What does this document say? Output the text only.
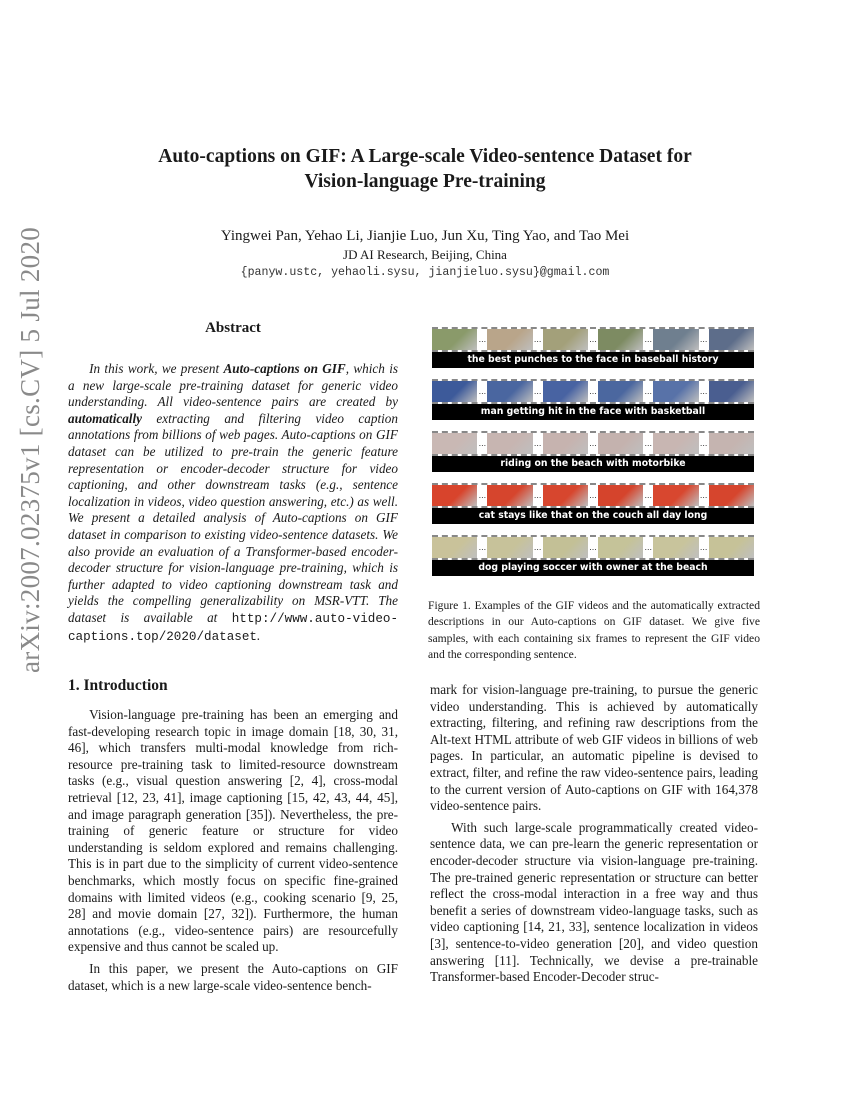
arXiv:2007.02375v1 [cs.CV] 5 Jul 2020
Auto-captions on GIF: A Large-scale Video-sentence Dataset for
Vision-language Pre-training
Yingwei Pan, Yehao Li, Jianjie Luo, Jun Xu, Ting Yao, and Tao Mei
JD AI Research, Beijing, China
{panyw.ustc, yehaoli.sysu, jianjieluo.sysu}@gmail.com
Abstract

In this work, we present Auto-captions on GIF, which is a new large-scale pre-training dataset for generic video understanding. All video-sentence pairs are created by automatically extracting and filtering video caption annotations from billions of web pages. Auto-captions on GIF dataset can be utilized to pre-train the generic feature representation or encoder-decoder structure for video captioning, and other downstream tasks (e.g., sentence localization in videos, video question answering, etc.) as well. We present a detailed analysis of Auto-captions on GIF dataset in comparison to existing video-sentence datasets. We also provide an evaluation of a Transformer-based encoder-decoder structure for vision-language pre-training, which is further adapted to video captioning downstream task and yields the compelling generalizability on MSR-VTT. The dataset is available at http://www.auto-video-captions.top/2020/dataset.

...	...	...	...	...
the best punches to the face in baseball history
...	...	...	...	...
man getting hit in the face with basketball
...	...	...	...	...
riding on the beach with motorbike
...	...	...	...	...
cat stays like that on the couch all day long
...	...	...	...	...
dog playing soccer with owner at the beach
Figure 1. Examples of the GIF videos and the automatically extracted descriptions in our Auto-captions on GIF dataset. We give five samples, with each containing six frames to represent the GIF video and the corresponding sentence.
1. Introduction

Vision-language pre-training has been an emerging and fast-developing research topic in image domain [18, 30, 31, 46], which transfers multi-modal knowledge from rich-resource pre-training task to limited-resource downstream tasks (e.g., visual question answering [2, 4], cross-modal retrieval [12, 23, 41], image captioning [15, 42, 43, 44, 45], and image paragraph generation [35]). Nevertheless, the pre-training of generic feature or structure for video understanding is seldom explored and remains challenging. This is in part due to the simplicity of current video-sentence benchmarks, which mostly focus on specific fine-grained domains with limited videos (e.g., cooking scenario [9, 25, 28] and movie domain [27, 32]). Furthermore, the human annotations (e.g., video-sentence pairs) are resourcefully expensive and thus cannot be scaled up.

In this paper, we present the Auto-captions on GIF dataset, which is a new large-scale video-sentence bench-

mark for vision-language pre-training, to pursue the generic video understanding. This is achieved by automatically extracting, filtering, and refining raw descriptions from the Alt-text HTML attribute of web GIF videos in billions of web pages. In particular, an automatic pipeline is devised to extract, filter, and refine the raw video-sentence pairs, leading to the current version of Auto-captions on GIF with 164,378 video-sentence pairs.

With such large-scale programmatically created video-sentence data, we can pre-learn the generic representation or encoder-decoder structure via vision-language pre-training. The pre-trained generic representation or structure can better reflect the cross-modal interaction in a free way and thus benefit a series of downstream video-language tasks, such as video captioning [14, 21, 33], sentence localization in videos [3], sentence-to-video generation [20], and video question answering [11]. Technically, we devise a pre-trainable Transformer-based Encoder-Decoder struc-
